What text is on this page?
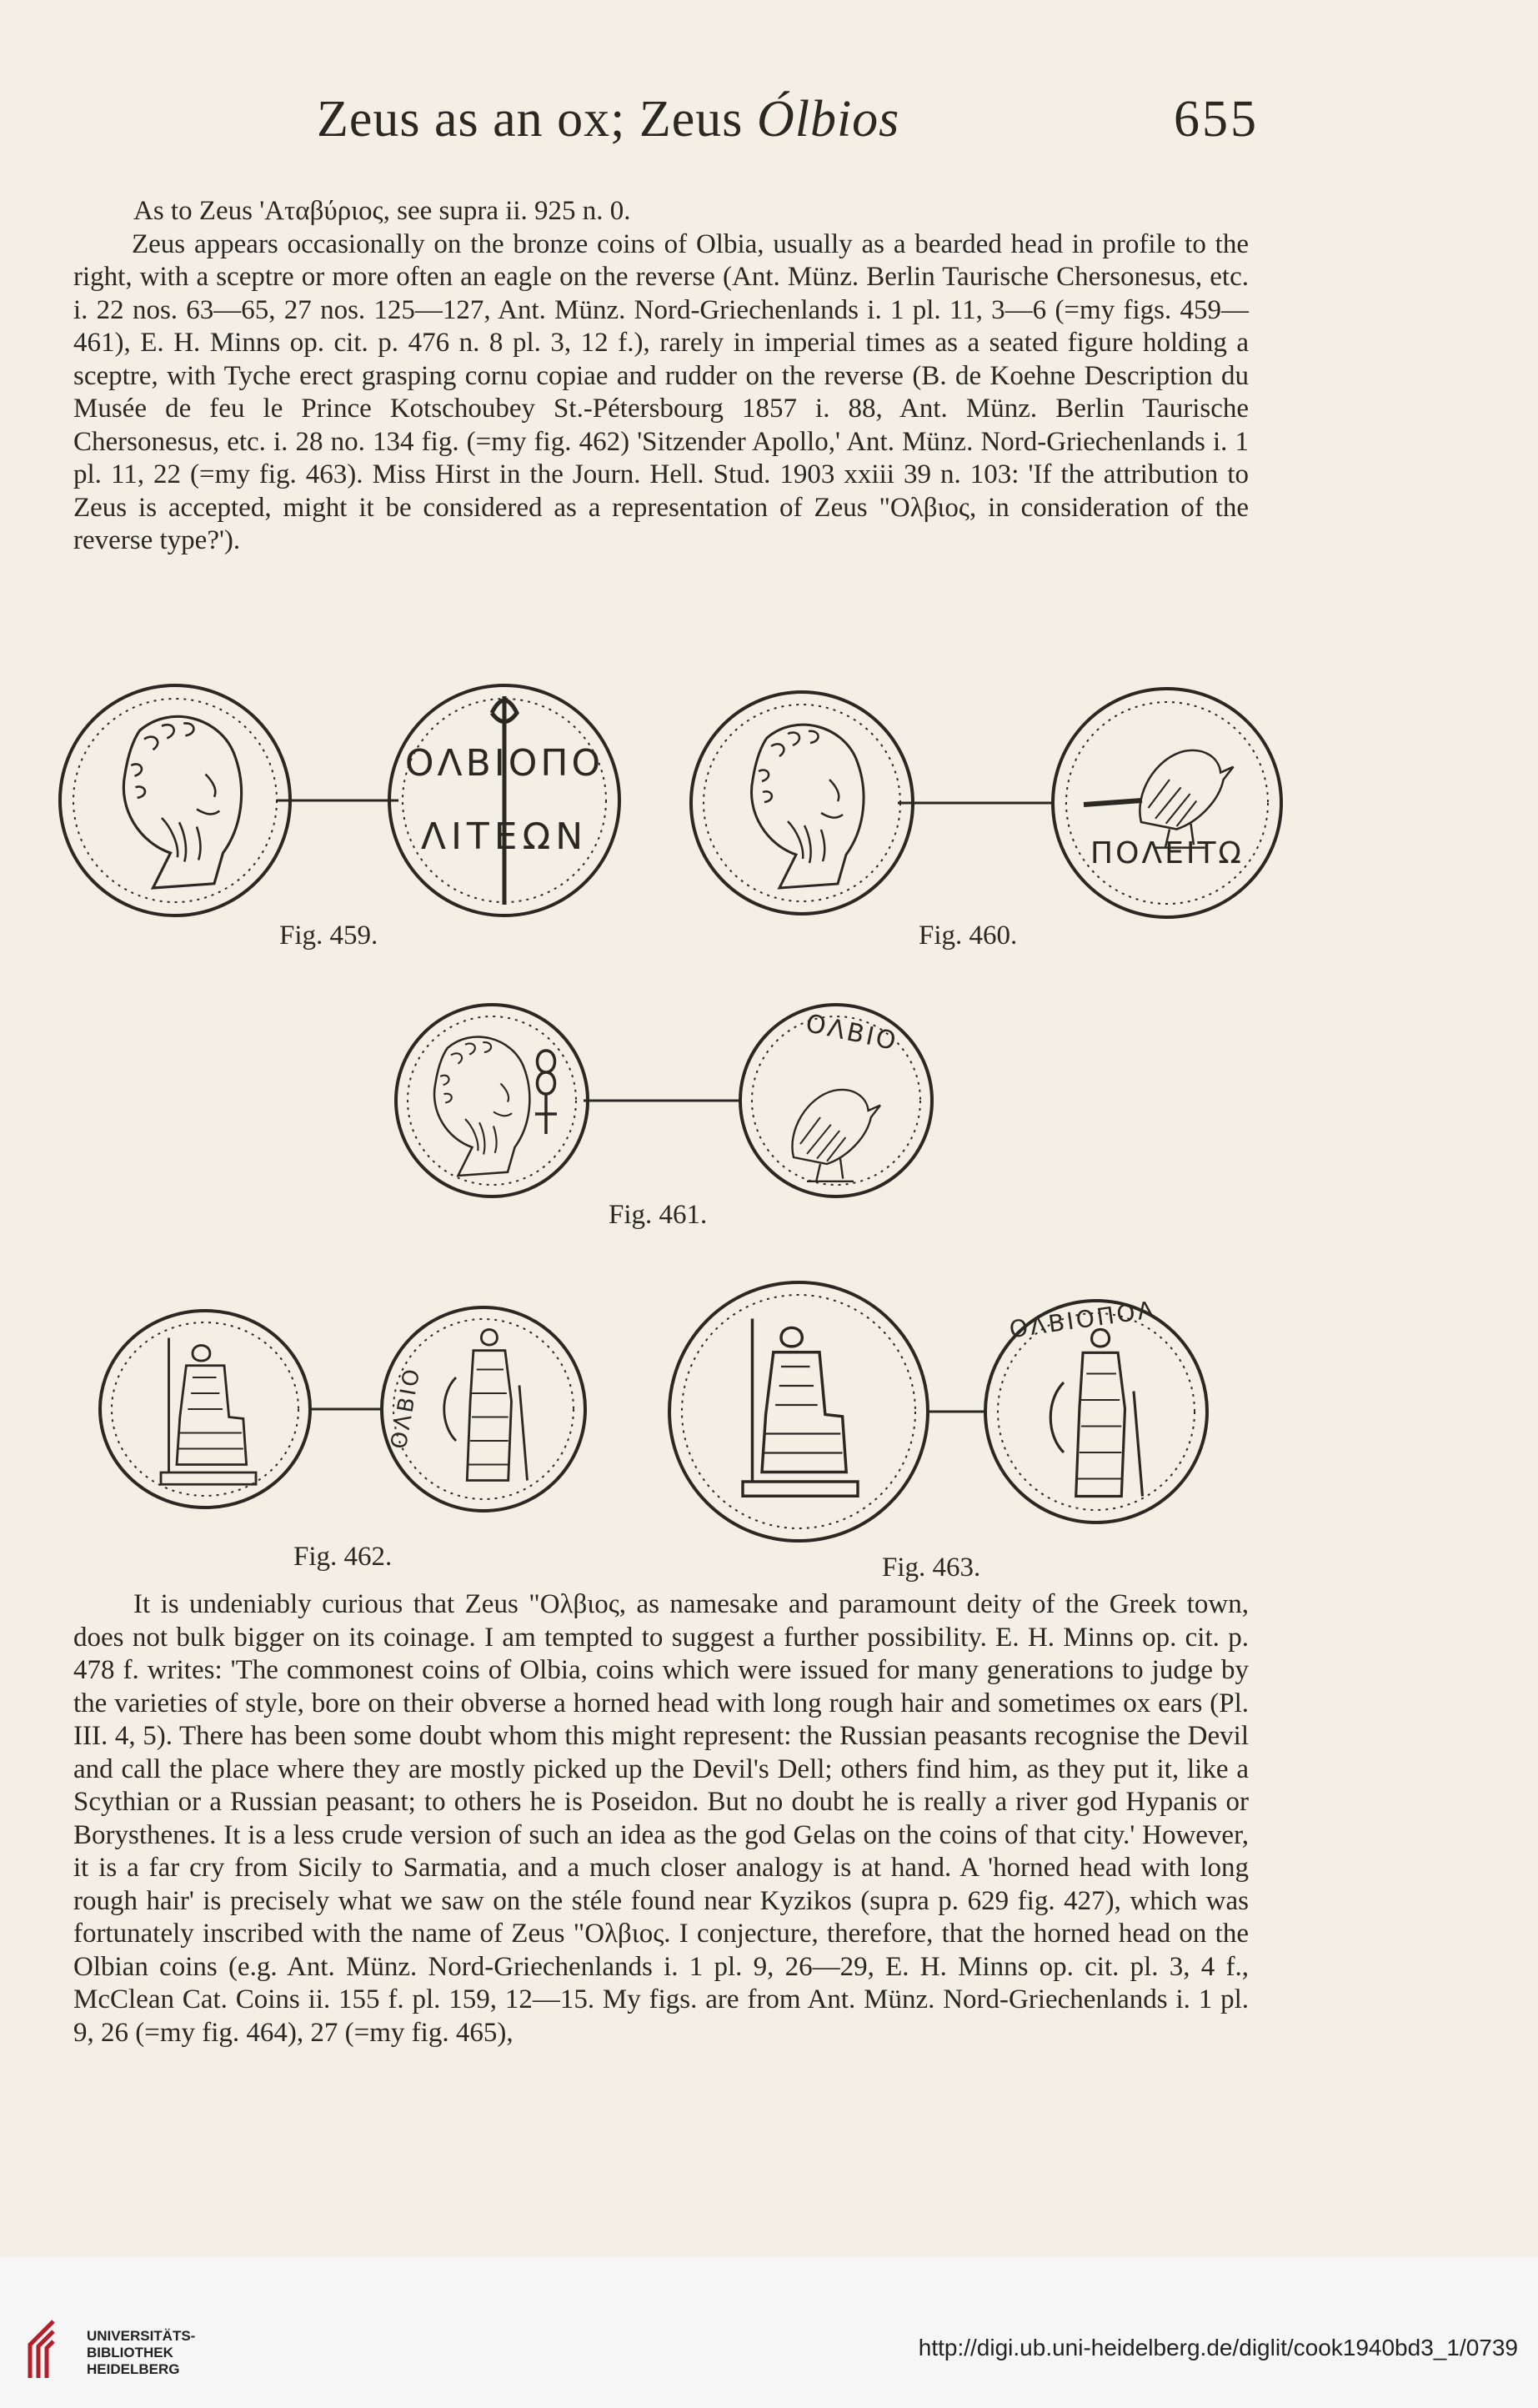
Zeus as an ox; Zeus Ólbios	655

As to Zeus 'Αταβύριος, see supra ii. 925 n. 0.

Zeus appears occasionally on the bronze coins of Olbia, usually as a bearded head in profile to the right, with a sceptre or more often an eagle on the reverse (Ant. Münz. Berlin Taurische Chersonesus, etc. i. 22 nos. 63—65, 27 nos. 125—127, Ant. Münz. Nord-Griechenlands i. 1 pl. 11, 3—6 (=my figs. 459—461), E. H. Minns op. cit. p. 476 n. 8 pl. 3, 12 f.), rarely in imperial times as a seated figure holding a sceptre, with Tyche erect grasping cornu copiae and rudder on the reverse (B. de Koehne Description du Musée de feu le Prince Kotschoubey St.-Pétersbourg 1857 i. 88, Ant. Münz. Berlin Taurische Chersonesus, etc. i. 28 no. 134 fig. (=my fig. 462) 'Sitzender Apollo,' Ant. Münz. Nord-Griechenlands i. 1 pl. 11, 22 (=my fig. 463). Miss Hirst in the Journ. Hell. Stud. 1903 xxiii 39 n. 103: 'If the attribution to Zeus is accepted, might it be considered as a representation of Zeus "Ολβιος, in consideration of the reverse type?').

ΟΛΒΙΟΠΟ
ΛΙΤΕΩΝ
Fig. 459.
ΠΟΛΕΙΤΩ
Fig. 460.
ΟΛΒΙΟ
Fig. 461.
ΟΛΒΙΟ
Fig. 462.
ΟΛΒΙΟΠΟΛ
Fig. 463.

It is undeniably curious that Zeus "Ολβιος, as namesake and paramount deity of the Greek town, does not bulk bigger on its coinage. I am tempted to suggest a further possibility. E. H. Minns op. cit. p. 478 f. writes: 'The commonest coins of Olbia, coins which were issued for many generations to judge by the varieties of style, bore on their obverse a horned head with long rough hair and sometimes ox ears (Pl. III. 4, 5). There has been some doubt whom this might represent: the Russian peasants recognise the Devil and call the place where they are mostly picked up the Devil's Dell; others find him, as they put it, like a Scythian or a Russian peasant; to others he is Poseidon. But no doubt he is really a river god Hypanis or Borysthenes. It is a less crude version of such an idea as the god Gelas on the coins of that city.' However, it is a far cry from Sicily to Sarmatia, and a much closer analogy is at hand. A 'horned head with long rough hair' is precisely what we saw on the stéle found near Kyzikos (supra p. 629 fig. 427), which was fortunately inscribed with the name of Zeus "Ολβιος. I conjecture, therefore, that the horned head on the Olbian coins (e.g. Ant. Münz. Nord-Griechenlands i. 1 pl. 9, 26—29, E. H. Minns op. cit. pl. 3, 4 f., McClean Cat. Coins ii. 155 f. pl. 159, 12—15. My figs. are from Ant. Münz. Nord-Griechenlands i. 1 pl. 9, 26 (=my fig. 464), 27 (=my fig. 465),

UNIVERSITÄTS-
BIBLIOTHEK
HEIDELBERG
http://digi.ub.uni-heidelberg.de/diglit/cook1940bd3_1/0739
